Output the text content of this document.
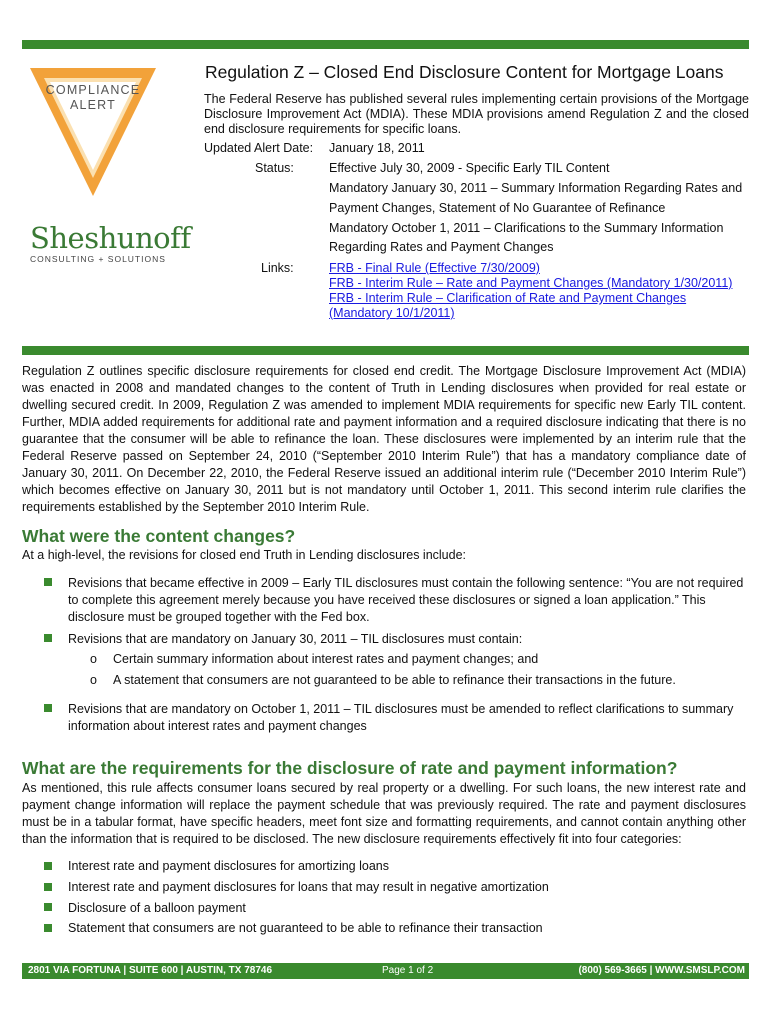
COMPLIANCE
ALERT
Sheshunoff
CONSULTING + SOLUTIONS
Regulation Z – Closed End Disclosure Content for Mortgage Loans
The Federal Reserve has published several rules implementing certain provisions of the Mortgage Disclosure Improvement Act (MDIA). These MDIA provisions amend Regulation Z and the closed end disclosure requirements for specific loans.
Updated Alert Date: January 18, 2011
Status:	Effective July 30, 2009 - Specific Early TIL Content
Mandatory January 30, 2011 – Summary Information Regarding Rates and
Payment Changes, Statement of No Guarantee of Refinance
Mandatory October 1, 2011 – Clarifications to the Summary Information
Regarding Rates and Payment Changes
Links:	FRB - Final Rule (Effective 7/30/2009)
FRB - Interim Rule – Rate and Payment Changes (Mandatory 1/30/2011)
FRB - Interim Rule – Clarification of Rate and Payment Changes
(Mandatory 10/1/2011)
Regulation Z outlines specific disclosure requirements for closed end credit. The Mortgage Disclosure Improvement Act (MDIA) was enacted in 2008 and mandated changes to the content of Truth in Lending disclosures when provided for real estate or dwelling secured credit. In 2009, Regulation Z was amended to implement MDIA requirements for specific new Early TIL content. Further, MDIA added requirements for additional rate and payment information and a required disclosure indicating that there is no guarantee that the consumer will be able to refinance the loan. These disclosures were implemented by an interim rule that the Federal Reserve passed on September 24, 2010 (“September 2010 Interim Rule”) that has a mandatory compliance date of January 30, 2011. On December 22, 2010, the Federal Reserve issued an additional interim rule (“December 2010 Interim Rule”) which becomes effective on January 30, 2011 but is not mandatory until October 1, 2011. This second interim rule clarifies the requirements established by the September 2010 Interim Rule.
What were the content changes?
At a high-level, the revisions for closed end Truth in Lending disclosures include:
Revisions that became effective in 2009 – Early TIL disclosures must contain the following sentence: “You are not required to complete this agreement merely because you have received these disclosures or signed a loan application.” This disclosure must be grouped together with the Fed box.
Revisions that are mandatory on January 30, 2011 – TIL disclosures must contain:
o Certain summary information about interest rates and payment changes; and
o A statement that consumers are not guaranteed to be able to refinance their transactions in the future.
Revisions that are mandatory on October 1, 2011 – TIL disclosures must be amended to reflect clarifications to summary information about interest rates and payment changes
What are the requirements for the disclosure of rate and payment information?
As mentioned, this rule affects consumer loans secured by real property or a dwelling. For such loans, the new interest rate and payment change information will replace the payment schedule that was previously required. The rate and payment disclosures must be in a tabular format, have specific headers, meet font size and formatting requirements, and cannot contain anything other than the information that is required to be disclosed. The new disclosure requirements effectively fit into four categories:
Interest rate and payment disclosures for amortizing loans
Interest rate and payment disclosures for loans that may result in negative amortization
Disclosure of a balloon payment
Statement that consumers are not guaranteed to be able to refinance their transaction
2801 VIA FORTUNA | SUITE 600 | AUSTIN, TX 78746	Page 1 of 2	(800) 569-3665 | WWW.SMSLP.COM
